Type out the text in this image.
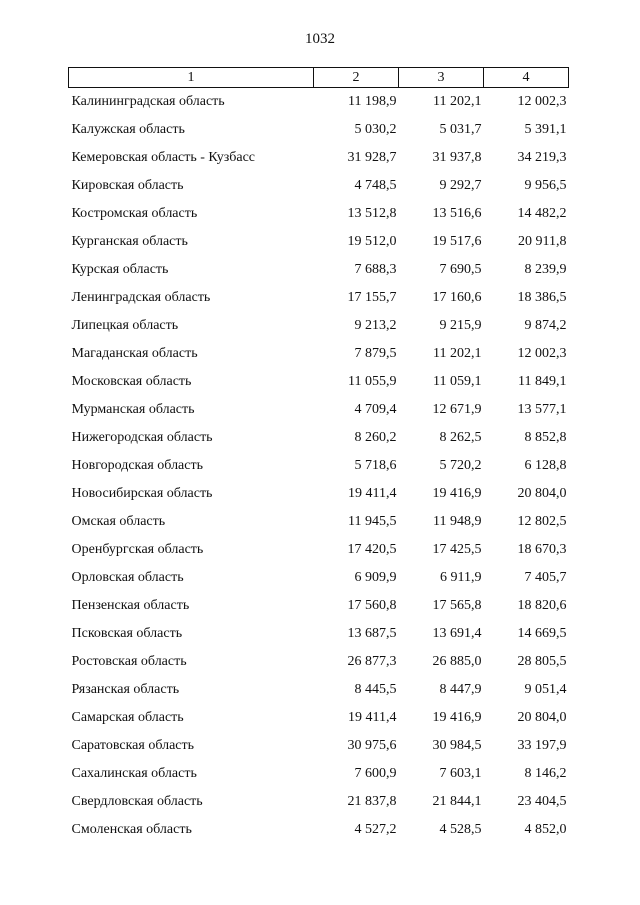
1032
1	2	3	4
Калининградская область	11 198,9	11 202,1	12 002,3
Калужская область	5 030,2	5 031,7	5 391,1
Кемеровская область - Кузбасс	31 928,7	31 937,8	34 219,3
Кировская область	4 748,5	9 292,7	9 956,5
Костромская область	13 512,8	13 516,6	14 482,2
Курганская область	19 512,0	19 517,6	20 911,8
Курская область	7 688,3	7 690,5	8 239,9
Ленинградская область	17 155,7	17 160,6	18 386,5
Липецкая область	9 213,2	9 215,9	9 874,2
Магаданская область	7 879,5	11 202,1	12 002,3
Московская область	11 055,9	11 059,1	11 849,1
Мурманская область	4 709,4	12 671,9	13 577,1
Нижегородская область	8 260,2	8 262,5	8 852,8
Новгородская область	5 718,6	5 720,2	6 128,8
Новосибирская область	19 411,4	19 416,9	20 804,0
Омская область	11 945,5	11 948,9	12 802,5
Оренбургская область	17 420,5	17 425,5	18 670,3
Орловская область	6 909,9	6 911,9	7 405,7
Пензенская область	17 560,8	17 565,8	18 820,6
Псковская область	13 687,5	13 691,4	14 669,5
Ростовская область	26 877,3	26 885,0	28 805,5
Рязанская область	8 445,5	8 447,9	9 051,4
Самарская область	19 411,4	19 416,9	20 804,0
Саратовская область	30 975,6	30 984,5	33 197,9
Сахалинская область	7 600,9	7 603,1	8 146,2
Свердловская область	21 837,8	21 844,1	23 404,5
Смоленская область	4 527,2	4 528,5	4 852,0
